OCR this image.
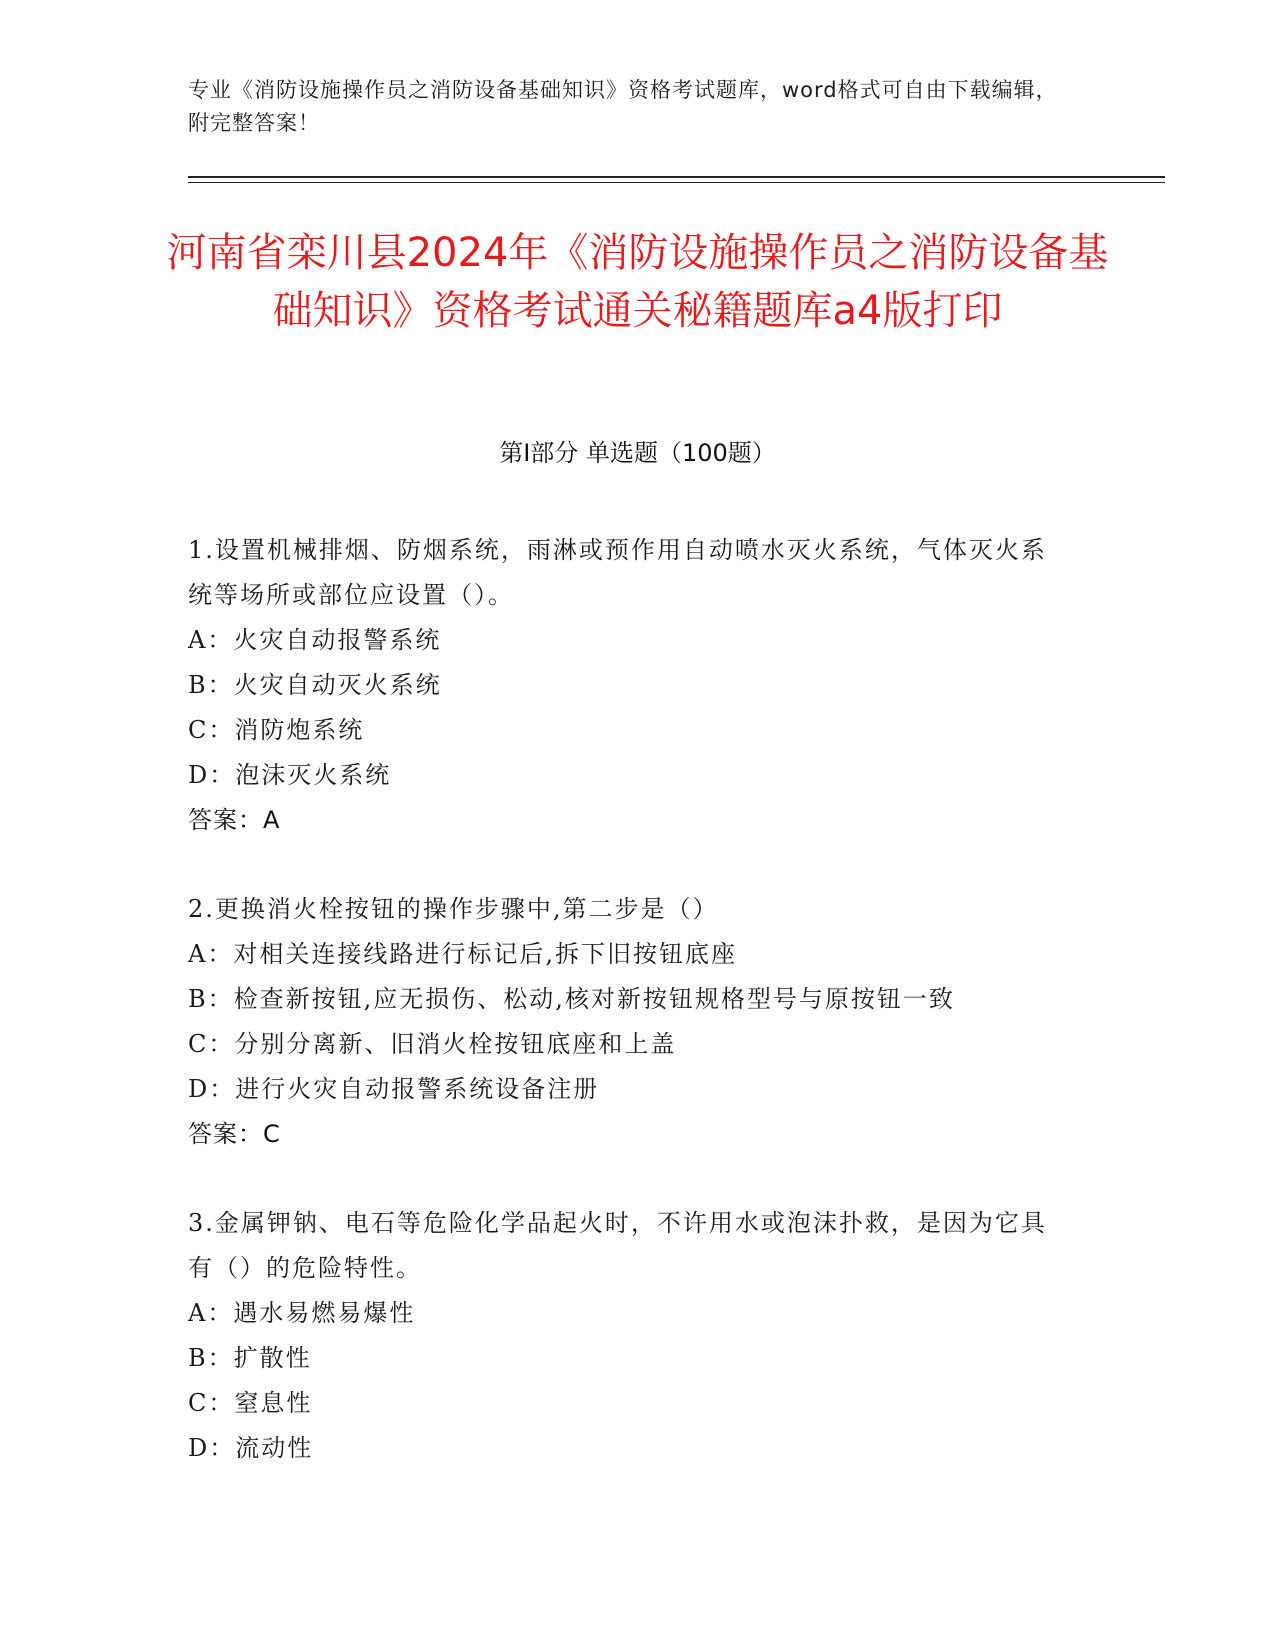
专业《消防设施操作员之消防设备基础知识》资格考试题库，word格式可自由下载编辑，附完整答案！
河南省栾川县2024年《消防设施操作员之消防设备基础知识》资格考试通关秘籍题库a4版打印
第I部分 单选题（100题）
1.设置机械排烟、防烟系统，雨淋或预作用自动喷水灭火系统，气体灭火系统等场所或部位应设置（）。
A：火灾自动报警系统
B：火灾自动灭火系统
C：消防炮系统
D：泡沫灭火系统
答案：A
2.更换消火栓按钮的操作步骤中,第二步是（）
A：对相关连接线路进行标记后,拆下旧按钮底座
B：检查新按钮,应无损伤、松动,核对新按钮规格型号与原按钮一致
C：分别分离新、旧消火栓按钮底座和上盖
D：进行火灾自动报警系统设备注册
答案：C
3.金属钾钠、电石等危险化学品起火时，不许用水或泡沫扑救，是因为它具有（）的危险特性。
A：遇水易燃易爆性
B：扩散性
C：窒息性
D：流动性
